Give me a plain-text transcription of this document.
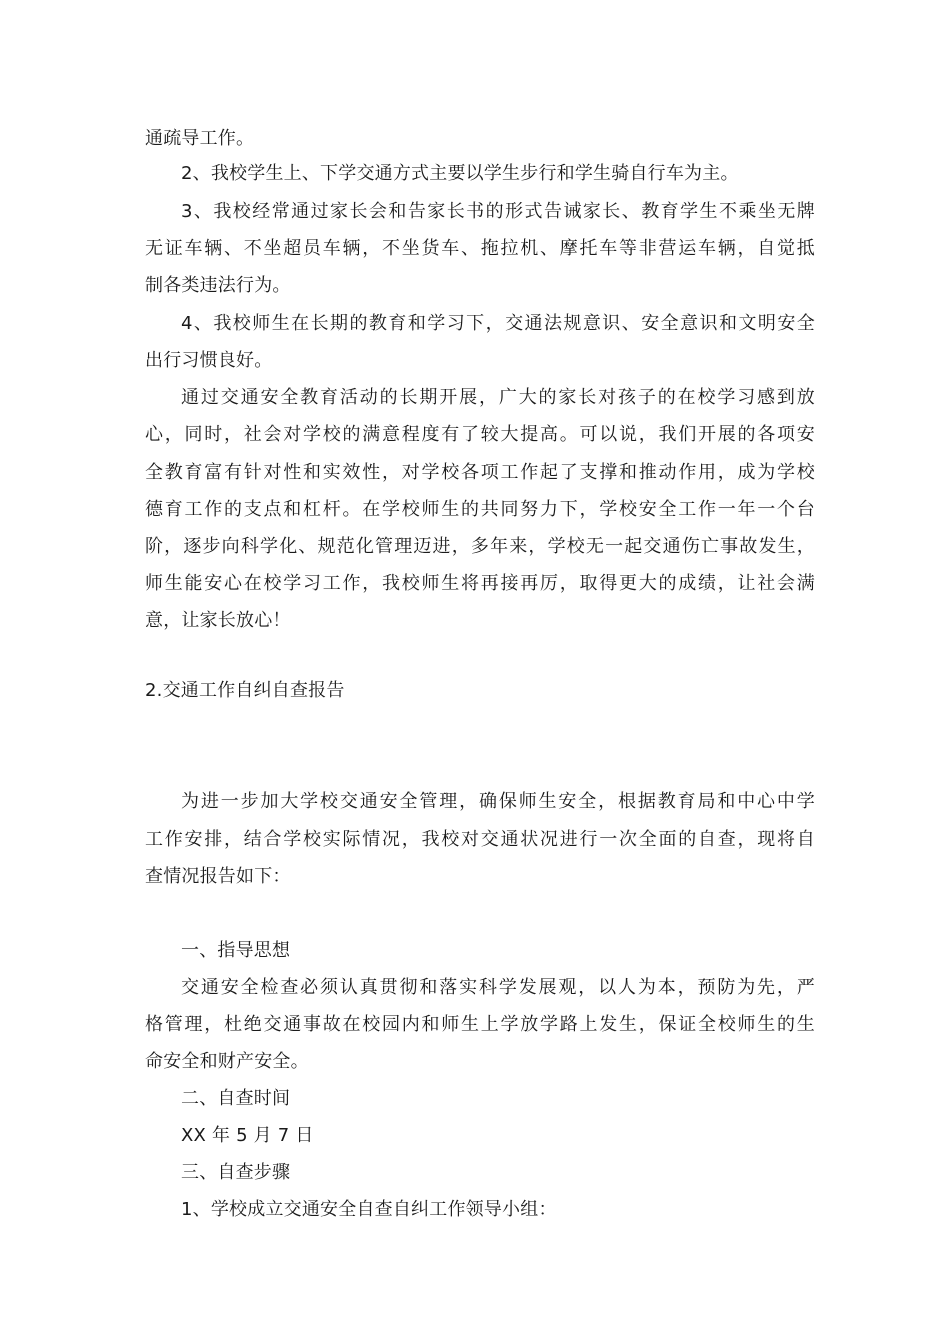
通疏导工作。
2、我校学生上、下学交通方式主要以学生步行和学生骑自行车为主。
3、我校经常通过家长会和告家长书的形式告诫家长、教育学生不乘坐无牌
无证车辆、不坐超员车辆，不坐货车、拖拉机、摩托车等非营运车辆，自觉抵
制各类违法行为。
4、我校师生在长期的教育和学习下，交通法规意识、安全意识和文明安全
出行习惯良好。
通过交通安全教育活动的长期开展，广大的家长对孩子的在校学习感到放
心，同时，社会对学校的满意程度有了较大提高。可以说，我们开展的各项安
全教育富有针对性和实效性，对学校各项工作起了支撑和推动作用，成为学校
德育工作的支点和杠杆。在学校师生的共同努力下，学校安全工作一年一个台
阶，逐步向科学化、规范化管理迈进，多年来，学校无一起交通伤亡事故发生，
师生能安心在校学习工作，我校师生将再接再厉，取得更大的成绩，让社会满
意，让家长放心！
2.交通工作自纠自查报告
为进一步加大学校交通安全管理，确保师生安全，根据教育局和中心中学
工作安排，结合学校实际情况，我校对交通状况进行一次全面的自查，现将自
查情况报告如下：
一、指导思想
交通安全检查必须认真贯彻和落实科学发展观，以人为本，预防为先，严
格管理，杜绝交通事故在校园内和师生上学放学路上发生，保证全校师生的生
命安全和财产安全。
二、自查时间
XX 年 5 月 7 日
三、自查步骤
1、学校成立交通安全自查自纠工作领导小组：
